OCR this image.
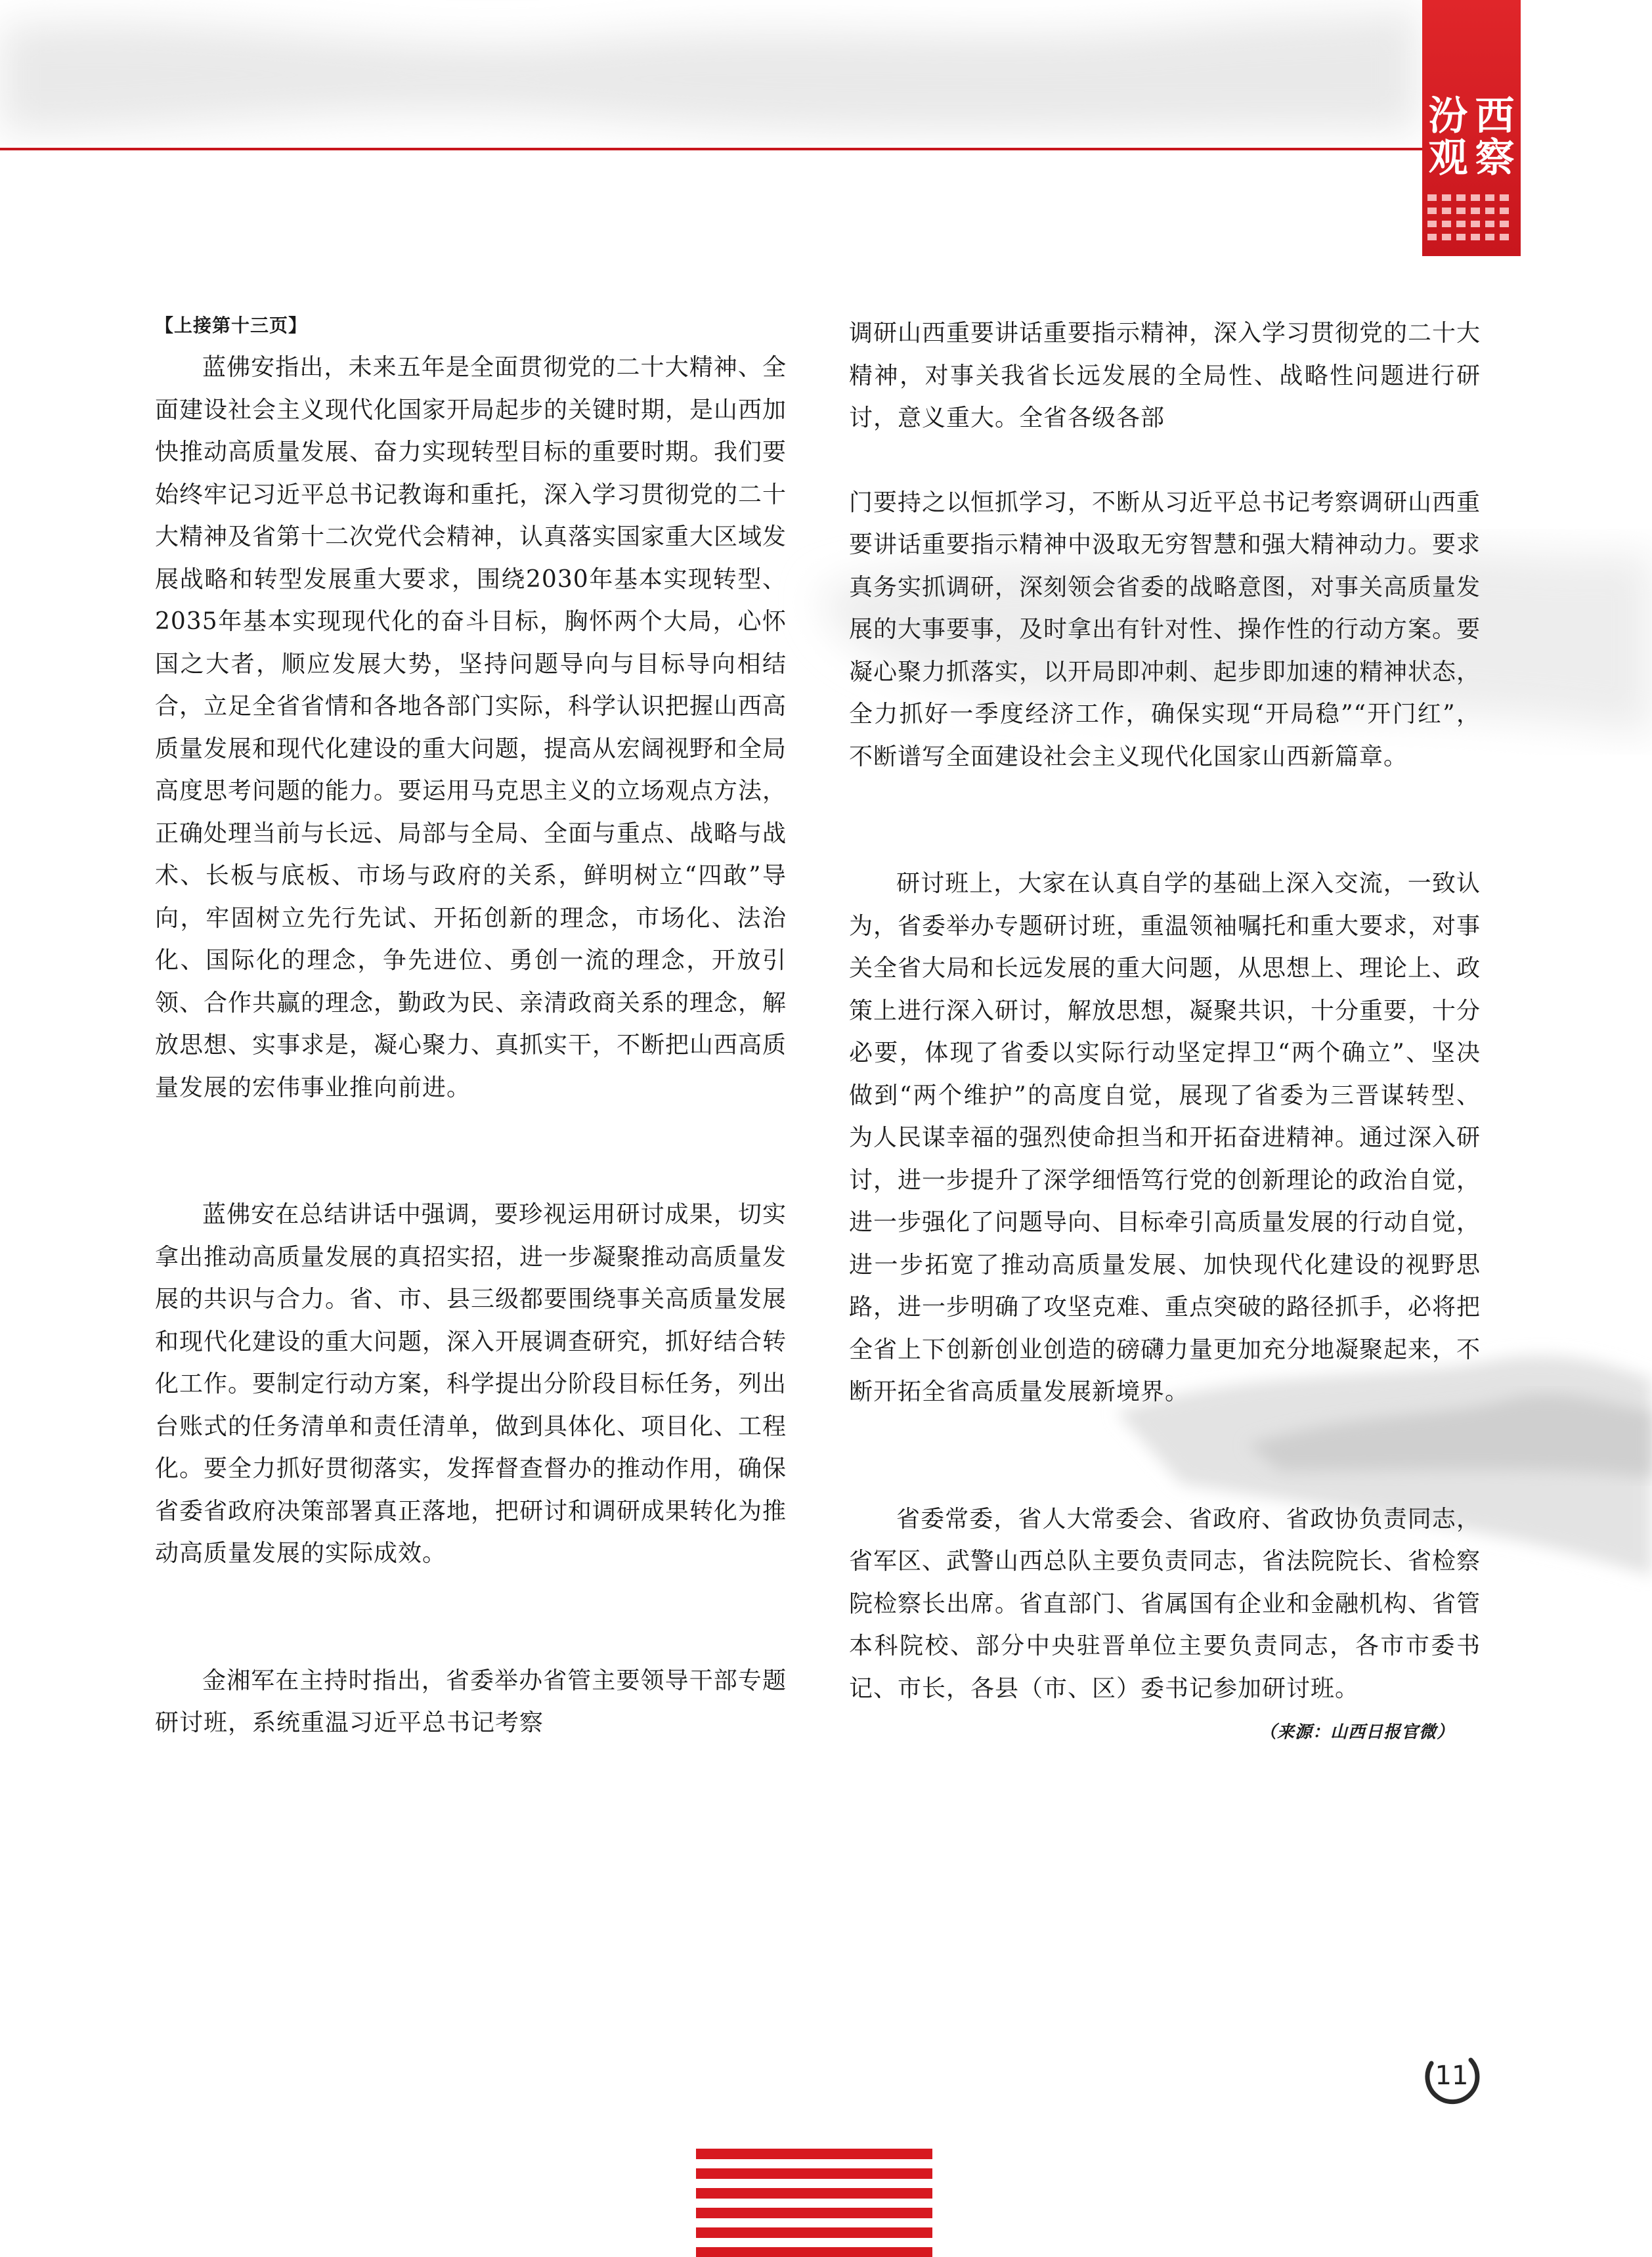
汾 西
观 察
【上接第十三页】

蓝佛安指出，未来五年是全面贯彻党的二十大精神、全面建设社会主义现代化国家开局起步的关键时期，是山西加快推动高质量发展、奋力实现转型目标的重要时期。我们要始终牢记习近平总书记教诲和重托，深入学习贯彻党的二十大精神及省第十二次党代会精神，认真落实国家重大区域发展战略和转型发展重大要求，围绕2030年基本实现转型、2035年基本实现现代化的奋斗目标，胸怀两个大局，心怀国之大者，顺应发展大势，坚持问题导向与目标导向相结合，立足全省省情和各地各部门实际，科学认识把握山西高质量发展和现代化建设的重大问题，提高从宏阔视野和全局高度思考问题的能力。要运用马克思主义的立场观点方法，正确处理当前与长远、局部与全局、全面与重点、战略与战术、长板与底板、市场与政府的关系，鲜明树立“四敢”导向，牢固树立先行先试、开拓创新的理念，市场化、法治化、国际化的理念，争先进位、勇创一流的理念，开放引领、合作共赢的理念，勤政为民、亲清政商关系的理念，解放思想、实事求是，凝心聚力、真抓实干，不断把山西高质量发展的宏伟事业推向前进。

蓝佛安在总结讲话中强调，要珍视运用研讨成果，切实拿出推动高质量发展的真招实招，进一步凝聚推动高质量发展的共识与合力。省、市、县三级都要围绕事关高质量发展和现代化建设的重大问题，深入开展调查研究，抓好结合转化工作。要制定行动方案，科学提出分阶段目标任务，列出台账式的任务清单和责任清单，做到具体化、项目化、工程化。要全力抓好贯彻落实，发挥督查督办的推动作用，确保省委省政府决策部署真正落地，把研讨和调研成果转化为推动高质量发展的实际成效。

金湘军在主持时指出，省委举办省管主要领导干部专题研讨班，系统重温习近平总书记考察

调研山西重要讲话重要指示精神，深入学习贯彻党的二十大精神，对事关我省长远发展的全局性、战略性问题进行研讨，意义重大。全省各级各部

门要持之以恒抓学习，不断从习近平总书记考察调研山西重要讲话重要指示精神中汲取无穷智慧和强大精神动力。要求真务实抓调研，深刻领会省委的战略意图，对事关高质量发展的大事要事，及时拿出有针对性、操作性的行动方案。要凝心聚力抓落实，以开局即冲刺、起步即加速的精神状态，全力抓好一季度经济工作，确保实现“开局稳”“开门红”，不断谱写全面建设社会主义现代化国家山西新篇章。

研讨班上，大家在认真自学的基础上深入交流，一致认为，省委举办专题研讨班，重温领袖嘱托和重大要求，对事关全省大局和长远发展的重大问题，从思想上、理论上、政策上进行深入研讨，解放思想，凝聚共识，十分重要，十分必要，体现了省委以实际行动坚定捍卫“两个确立”、坚决做到“两个维护”的高度自觉，展现了省委为三晋谋转型、为人民谋幸福的强烈使命担当和开拓奋进精神。通过深入研讨，进一步提升了深学细悟笃行党的创新理论的政治自觉，进一步强化了问题导向、目标牵引高质量发展的行动自觉，进一步拓宽了推动高质量发展、加快现代化建设的视野思路，进一步明确了攻坚克难、重点突破的路径抓手，必将把全省上下创新创业创造的磅礴力量更加充分地凝聚起来，不断开拓全省高质量发展新境界。

省委常委，省人大常委会、省政府、省政协负责同志，省军区、武警山西总队主要负责同志，省法院院长、省检察院检察长出席。省直部门、省属国有企业和金融机构、省管本科院校、部分中央驻晋单位主要负责同志，各市市委书记、市长，各县（市、区）委书记参加研讨班。

（来源：山西日报官微）
11
